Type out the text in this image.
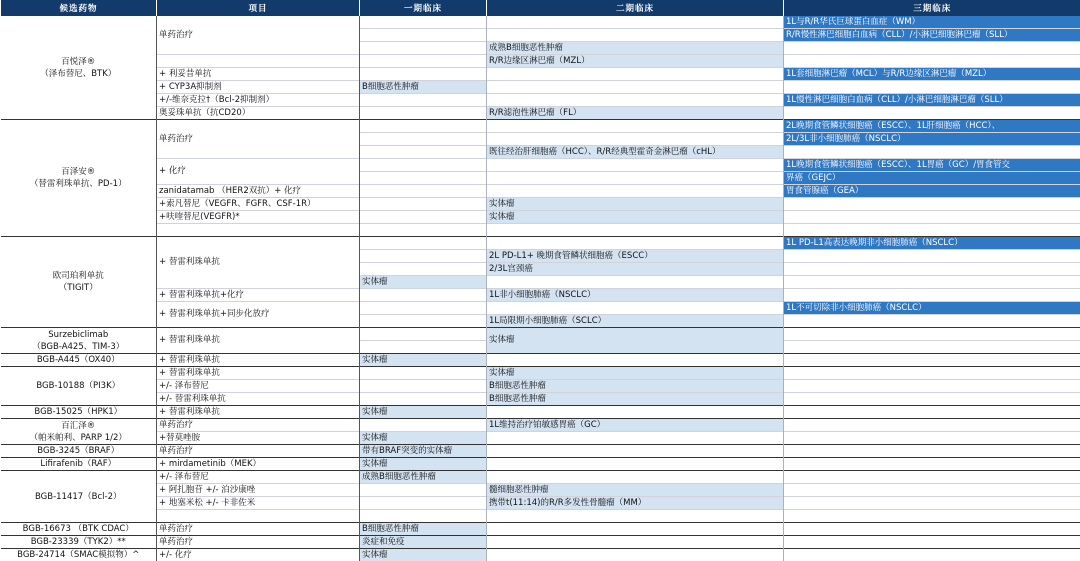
候选药物	项目	一期临床	二期临床	三期临床

百悦泽®
（泽布替尼、BTK）	单药治疗			1L与R/R华氏巨球蛋白血症（WM）
				R/R慢性淋巴细胞白血病（CLL）/小淋巴细胞淋巴瘤（SLL）
			成熟B细胞恶性肿瘤	
			R/R边缘区淋巴瘤（MZL）	
	+ 利妥昔单抗			1L套细胞淋巴瘤（MCL）与R/R边缘区淋巴瘤（MZL）
	+ CYP3A抑制剂	B细胞恶性肿瘤		
	+/-维奈克拉†（Bcl-2抑制剂）			1L慢性淋巴细胞白血病（CLL）/小淋巴细胞淋巴瘤（SLL）
	奥妥珠单抗（抗CD20）		R/R滤泡性淋巴瘤（FL）	

百泽安®
（替雷利珠单抗、PD-1）	单药治疗			2L晚期食管鳞状细胞癌（ESCC）、1L肝细胞癌（HCC）、
				2L/3L非小细胞肺癌（NSCLC）
			既往经治肝细胞癌（HCC）、R/R经典型霍奇金淋巴瘤（cHL）	
	+ 化疗			1L晚期食管鳞状细胞癌（ESCC）、1L胃癌（GC）/胃食管交
				界癌（GEJC）
	zanidatamab （HER2双抗）+ 化疗			胃食管腺癌（GEA）
	+索凡替尼（VEGFR、FGFR、CSF-1R）		实体瘤	
	+呋喹替尼(VEGFR)*		实体瘤	

欧司珀利单抗
（TIGIT）	+ 替雷利珠单抗			1L PD-L1高表达晚期非小细胞肺癌（NSCLC）
			2L PD-L1+ 晚期食管鳞状细胞癌（ESCC）	
			2/3L宫颈癌	
		实体瘤		
	+ 替雷利珠单抗+化疗		1L非小细胞肺癌（NSCLC）	
	+ 替雷利珠单抗+同步化放疗			1L不可切除非小细胞肺癌（NSCLC）
			1L局限期小细胞肺癌（SCLC）	

Surzebiclimab
（BGB-A425、TIM-3）	+ 替雷利珠单抗		实体瘤	

BGB-A445（OX40）	+ 替雷利珠单抗	实体瘤		

BGB-10188（PI3K）	+ 替雷利珠单抗		实体瘤	
	+/- 泽布替尼		B细胞恶性肿瘤	
	+/- 替雷利珠单抗		B细胞恶性肿瘤	

BGB-15025（HPK1）	+ 替雷利珠单抗	实体瘤		

百汇泽®
（帕米帕利、PARP 1/2）	单药治疗		1L维持治疗铂敏感胃癌（GC）	
	+替莫唑胺	实体瘤		

BGB-3245（BRAF）	单药治疗	带有BRAF突变的实体瘤		

Lifirafenib（RAF）	+ mirdametinib（MEK）	实体瘤		

BGB-11417（Bcl-2）	+/- 泽布替尼	成熟B细胞恶性肿瘤		
	+ 阿扎胞苷 +/- 泊沙康唑		髓细胞恶性肿瘤	
	+ 地塞米松 +/- 卡非佐米		携带t(11:14)的R/R多发性骨髓瘤（MM）	

BGB-16673 （BTK CDAC）	单药治疗	B细胞恶性肿瘤		

BGB-23339（TYK2）**	单药治疗	炎症和免疫		

BGB-24714（SMAC模拟物）^	+/- 化疗	实体瘤		
